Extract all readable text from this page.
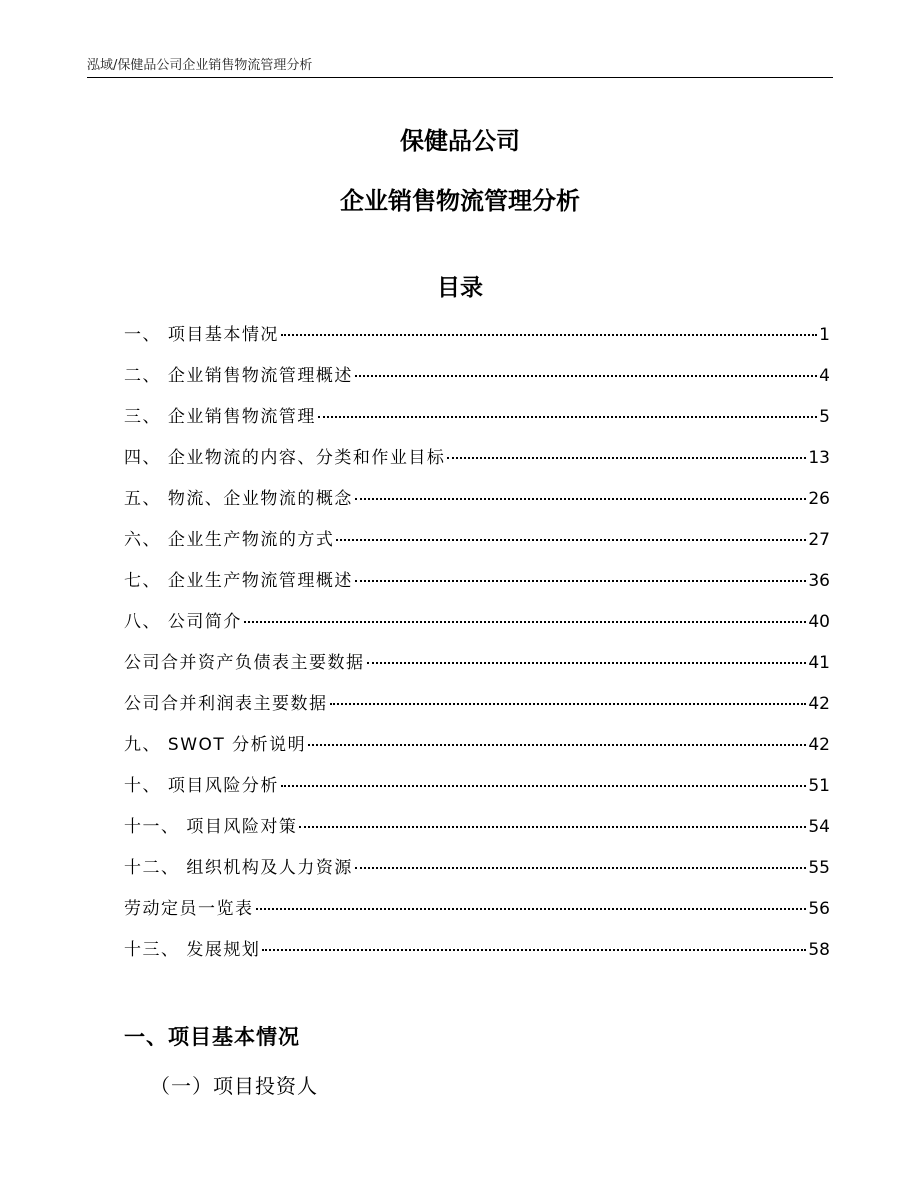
泓域/保健品公司企业销售物流管理分析
保健品公司
企业销售物流管理分析
目录
一、 项目基本情况	1
二、 企业销售物流管理概述	4
三、 企业销售物流管理	5
四、 企业物流的内容、分类和作业目标	13
五、 物流、企业物流的概念	26
六、 企业生产物流的方式	27
七、 企业生产物流管理概述	36
八、 公司简介	40
公司合并资产负债表主要数据	41
公司合并利润表主要数据	42
九、 SWOT 分析说明	42
十、 项目风险分析	51
十一、 项目风险对策	54
十二、 组织机构及人力资源	55
劳动定员一览表	56
十三、 发展规划	58
一、项目基本情况
（一）项目投资人
